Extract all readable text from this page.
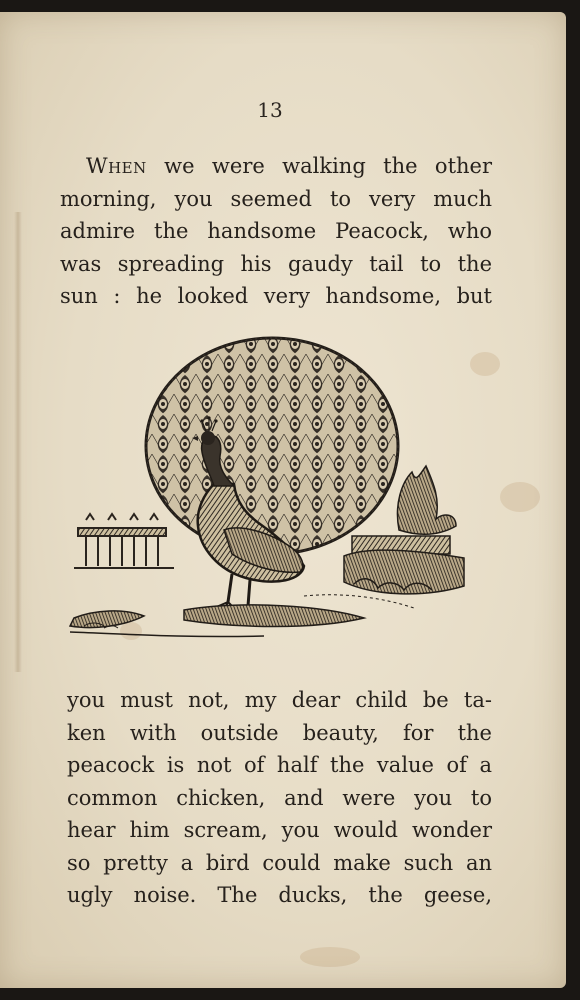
13
When we were walking the other
morning, you seemed to very much
admire the handsome Peacock, who
was spreading his gaudy tail to the
sun : he looked very handsome, but
you must not, my dear child be ta-
ken with outside beauty, for the
peacock is not of half the value of a
common chicken, and were you to
hear him scream, you would wonder
so pretty a bird could make such an
ugly noise. The ducks, the geese,
